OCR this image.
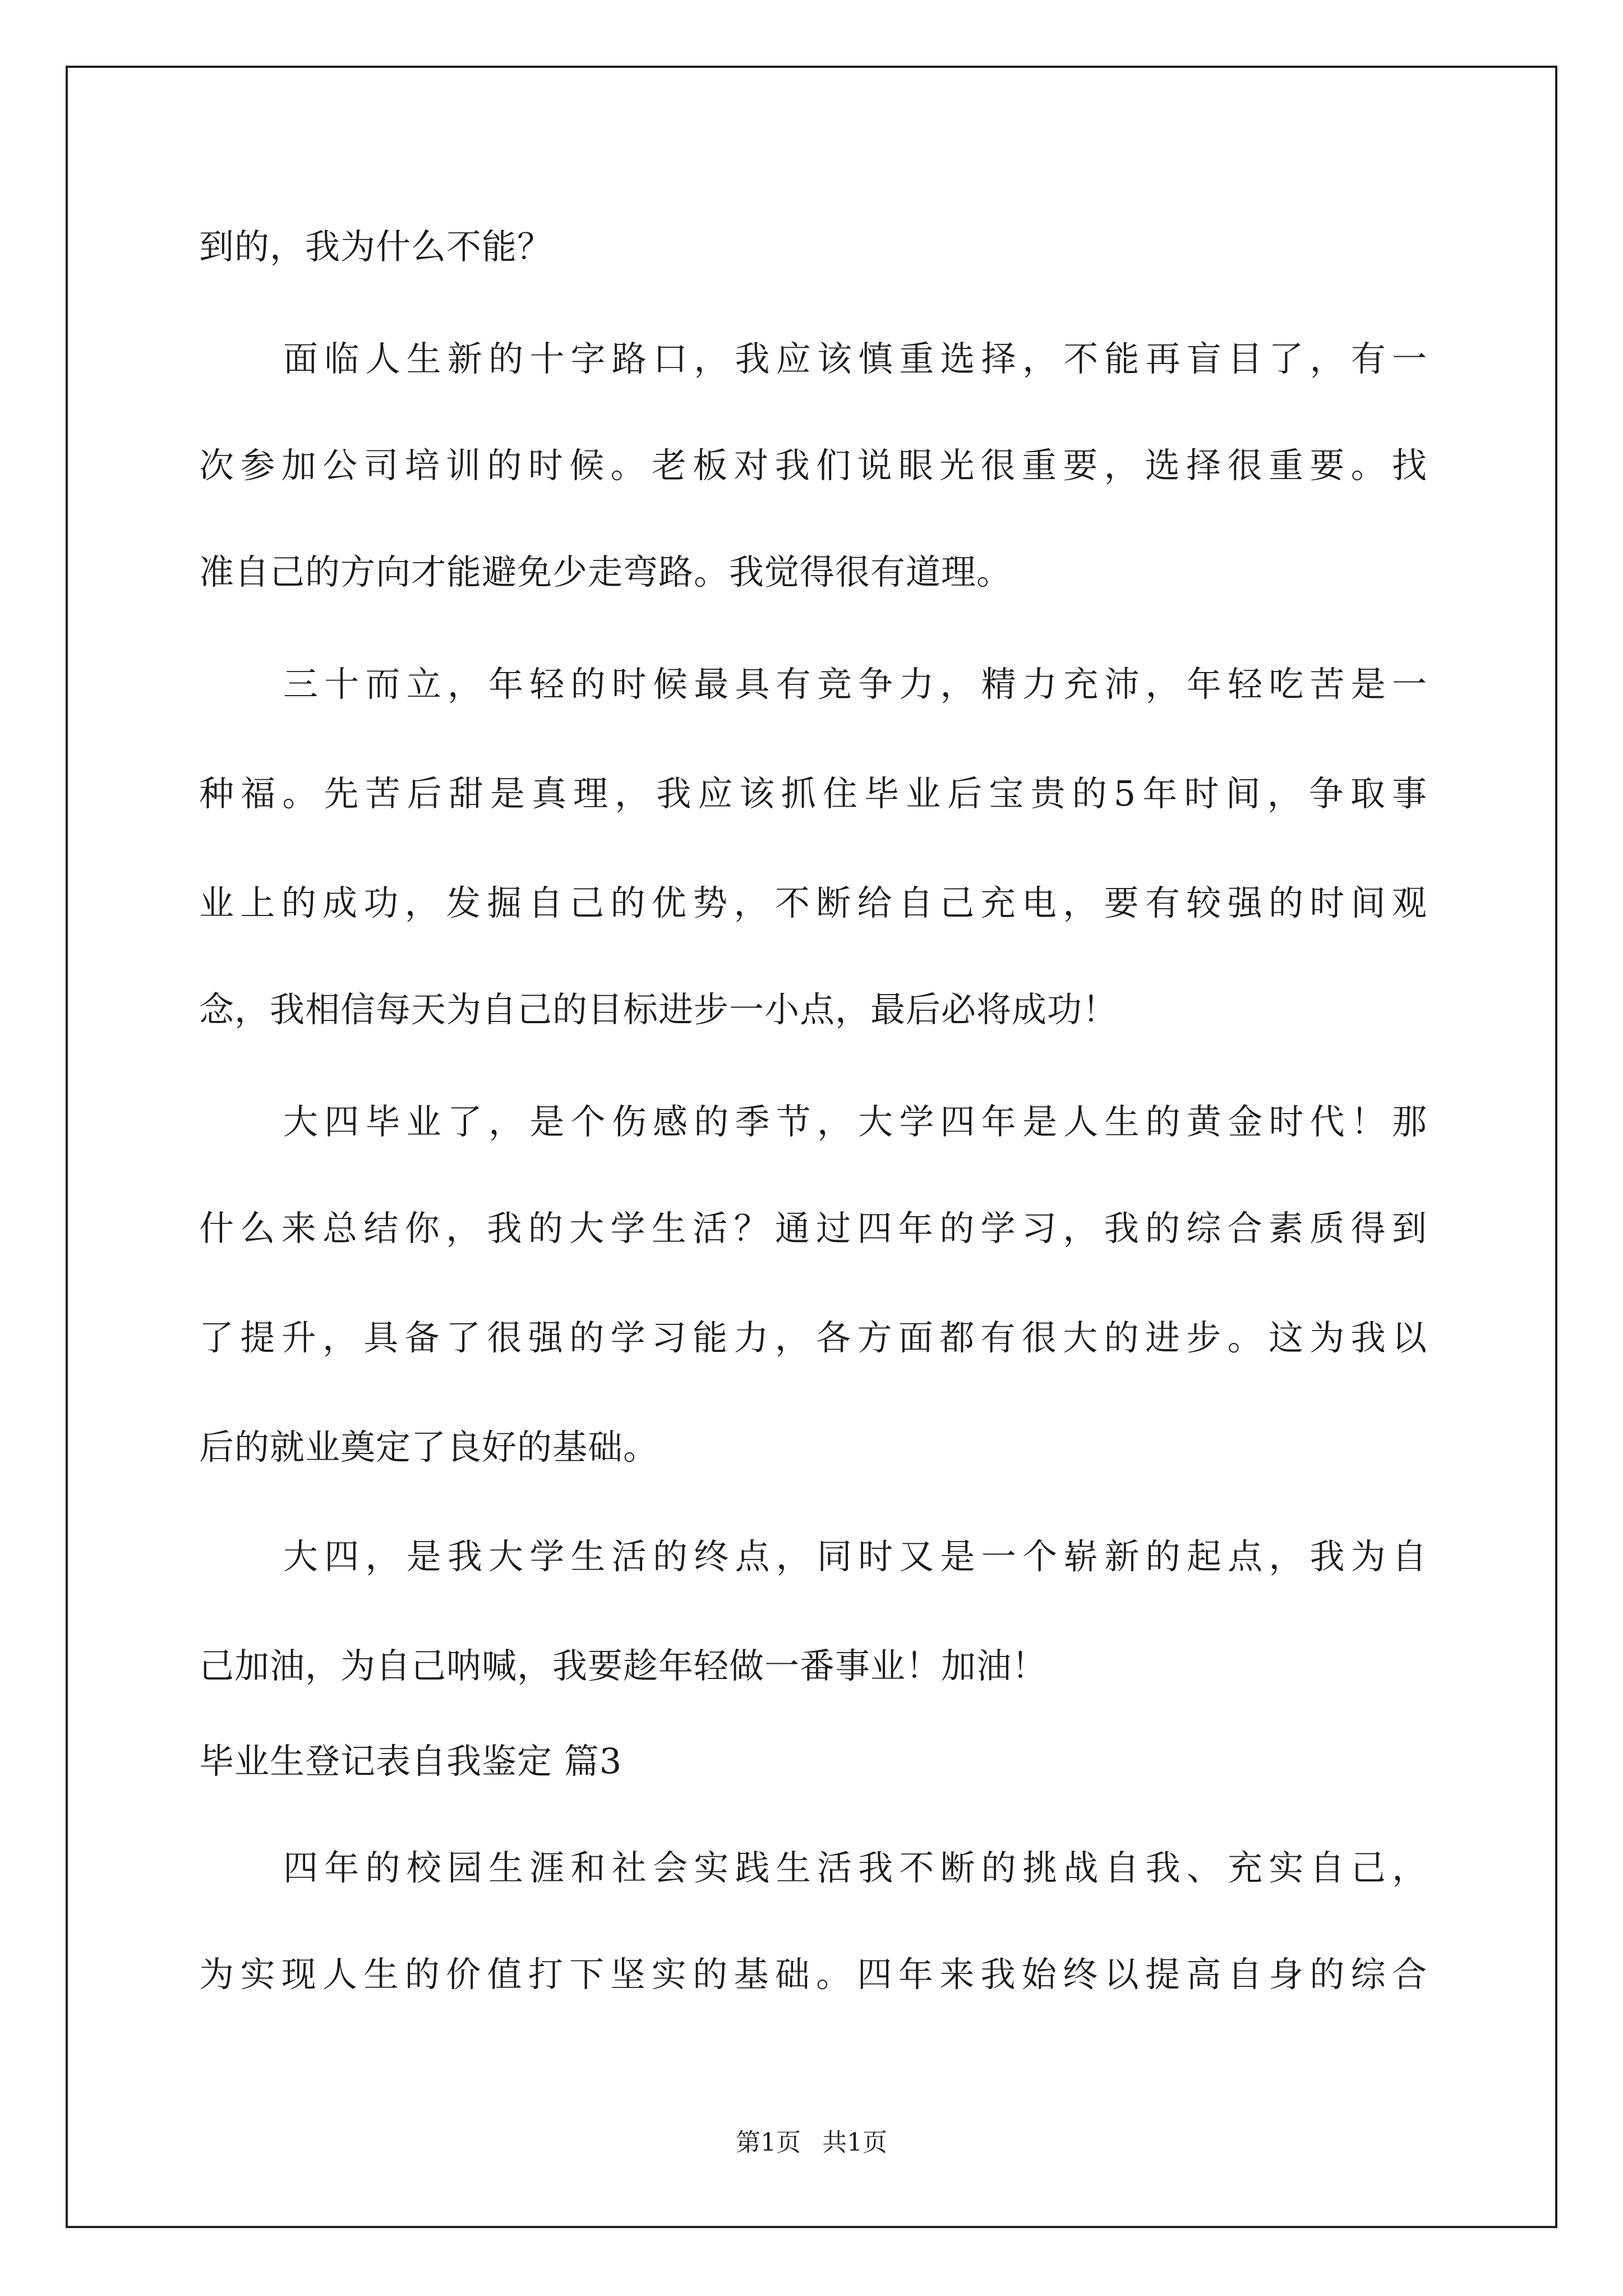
到的，我为什么不能？
面临人生新的十字路口，我应该慎重选择，不能再盲目了，有一
次参加公司培训的时候。老板对我们说眼光很重要，选择很重要。找
准自己的方向才能避免少走弯路。我觉得很有道理。
三十而立，年轻的时候最具有竞争力，精力充沛，年轻吃苦是一
种福。先苦后甜是真理，我应该抓住毕业后宝贵的5年时间，争取事
业上的成功，发掘自己的优势，不断给自己充电，要有较强的时间观
念，我相信每天为自己的目标进步一小点，最后必将成功！
大四毕业了，是个伤感的季节，大学四年是人生的黄金时代！那
什么来总结你，我的大学生活？通过四年的学习，我的综合素质得到
了提升，具备了很强的学习能力，各方面都有很大的进步。这为我以
后的就业奠定了良好的基础。
大四，是我大学生活的终点，同时又是一个崭新的起点，我为自
己加油，为自己呐喊，我要趁年轻做一番事业！加油！
毕业生登记表自我鉴定 篇3
四年的校园生涯和社会实践生活我不断的挑战自我、充实自己，
为实现人生的价值打下坚实的基础。四年来我始终以提高自身的综合
第1页 共1页
